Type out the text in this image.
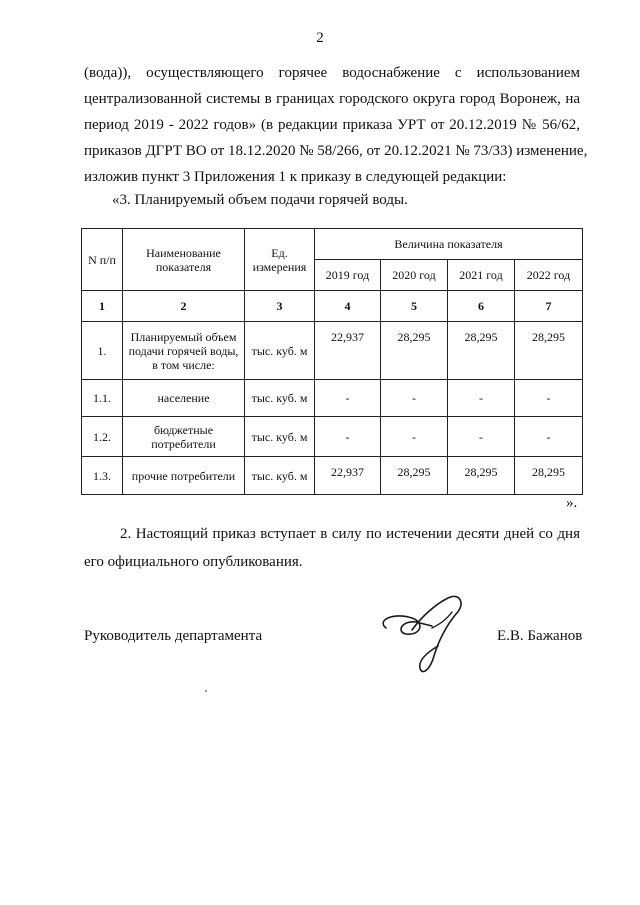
2
(вода)), осуществляющего горячее водоснабжение с использованием
централизованной системы в границах городского округа город Воронеж, на
период 2019 - 2022 годов» (в редакции приказа УРТ от 20.12.2019 № 56/62,
приказов ДГРТ ВО от 18.12.2020 № 58/266, от 20.12.2021 № 73/33) изменение,
изложив пункт 3 Приложения 1 к приказу в следующей редакции:
«3. Планируемый объем подачи горячей воды.
N п/п	Наименование показателя	Ед. измерения	Величина показателя			
			2019 год	2020 год	2021 год	2022 год
1	2	3	4	5	6	7
1.	Планируемый объем подачи горячей воды, в том числе:	тыс. куб. м	22,937	28,295	28,295	28,295
1.1.	население	тыс. куб. м	-	-	-	-
1.2.	бюджетные потребители	тыс. куб. м	-	-	-	-
1.3.	прочие потребители	тыс. куб. м	22,937	28,295	28,295	28,295
».
2. Настоящий приказ вступает в силу по истечении десяти дней со дня
его официального опубликования.
Руководитель департамента	Е.В. Бажанов
